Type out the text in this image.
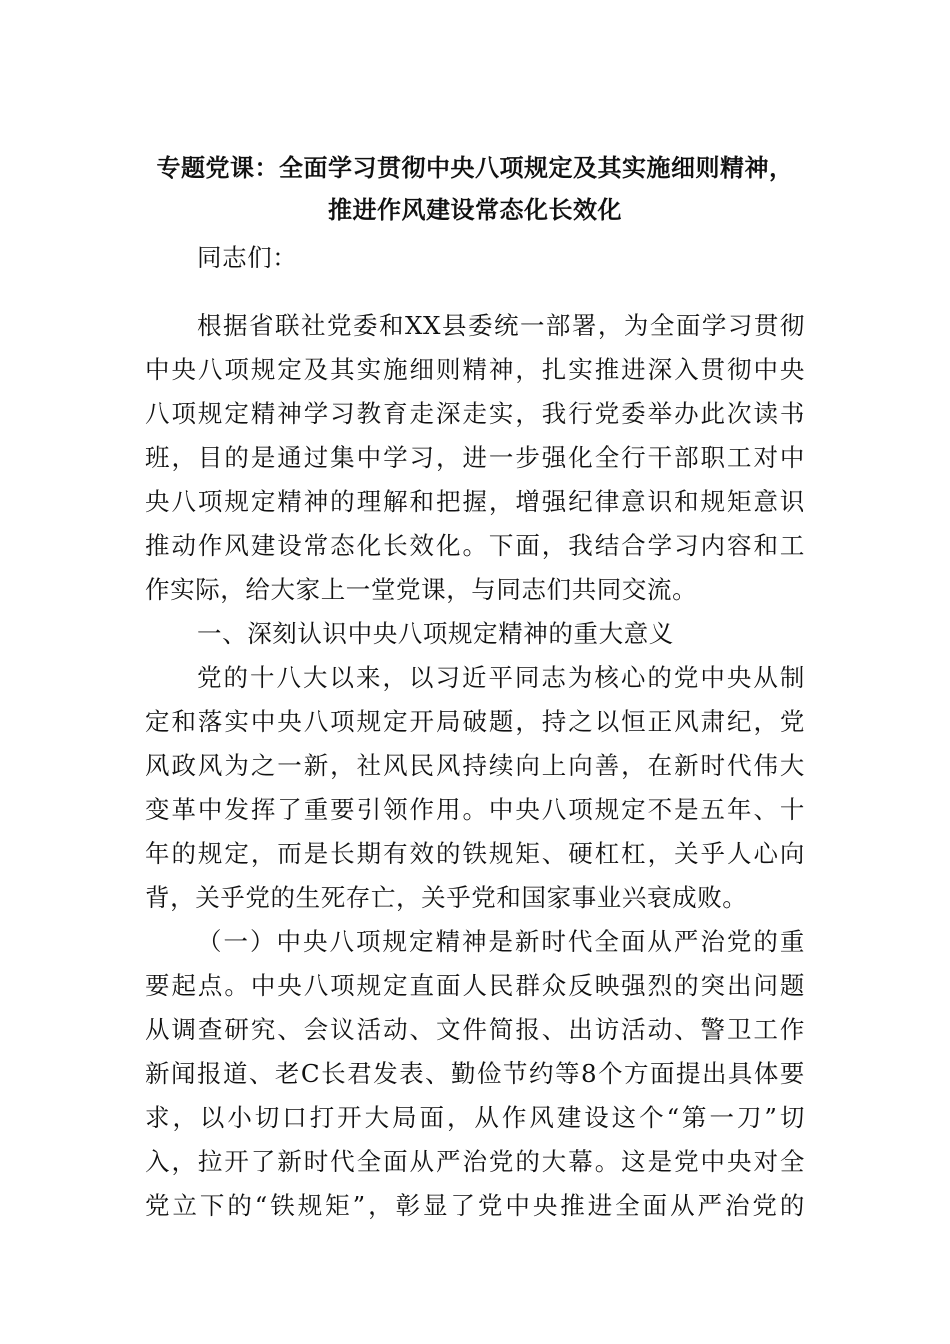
专题党课：全面学习贯彻中央八项规定及其实施细则精神，
推进作风建设常态化长效化
同志们：
根据省联社党委和XX县委统一部署，为全面学习贯彻
中央八项规定及其实施细则精神，扎实推进深入贯彻中央
八项规定精神学习教育走深走实，我行党委举办此次读书
班，目的是通过集中学习，进一步强化全行干部职工对中
央八项规定精神的理解和把握，增强纪律意识和规矩意识
推动作风建设常态化长效化。下面，我结合学习内容和工
作实际，给大家上一堂党课，与同志们共同交流。
一、深刻认识中央八项规定精神的重大意义
党的十八大以来，以习近平同志为核心的党中央从制
定和落实中央八项规定开局破题，持之以恒正风肃纪，党
风政风为之一新，社风民风持续向上向善，在新时代伟大
变革中发挥了重要引领作用。中央八项规定不是五年、十
年的规定，而是长期有效的铁规矩、硬杠杠，关乎人心向
背，关乎党的生死存亡，关乎党和国家事业兴衰成败。
（一）中央八项规定精神是新时代全面从严治党的重
要起点。中央八项规定直面人民群众反映强烈的突出问题
从调查研究、会议活动、文件简报、出访活动、警卫工作
新闻报道、老C长君发表、勤俭节约等8个方面提出具体要
求，以小切口打开大局面，从作风建设这个“第一刀”切
入，拉开了新时代全面从严治党的大幕。这是党中央对全
党立下的“铁规矩”，彰显了党中央推进全面从严治党的
